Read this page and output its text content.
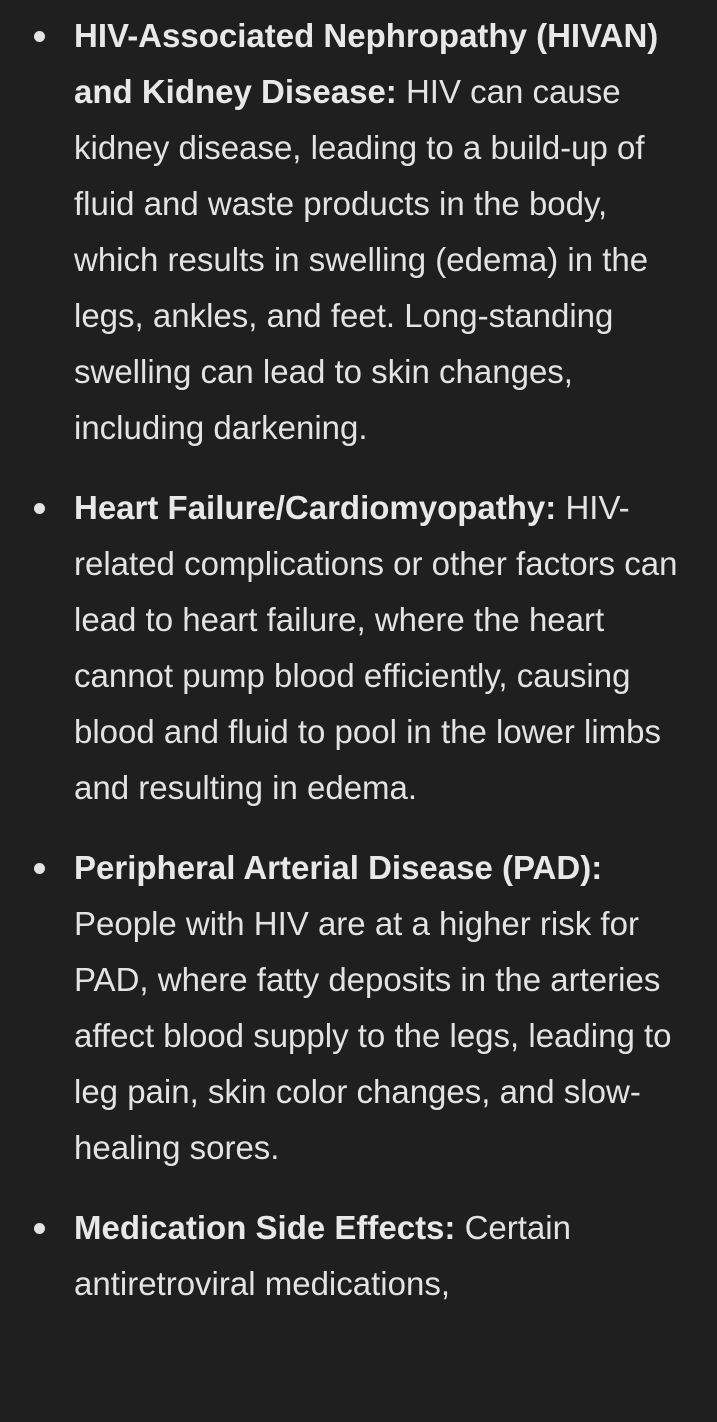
HIV-Associated Nephropathy (HIVAN) and Kidney Disease: HIV can cause kidney disease, leading to a build-up of fluid and waste products in the body, which results in swelling (edema) in the legs, ankles, and feet. Long-standing swelling can lead to skin changes, including darkening.
Heart Failure/Cardiomyopathy: HIV-related complications or other factors can lead to heart failure, where the heart cannot pump blood efficiently, causing blood and fluid to pool in the lower limbs and resulting in edema.
Peripheral Arterial Disease (PAD): People with HIV are at a higher risk for PAD, where fatty deposits in the arteries affect blood supply to the legs, leading to leg pain, skin color changes, and slow-healing sores.
Medication Side Effects: Certain antiretroviral medications,
